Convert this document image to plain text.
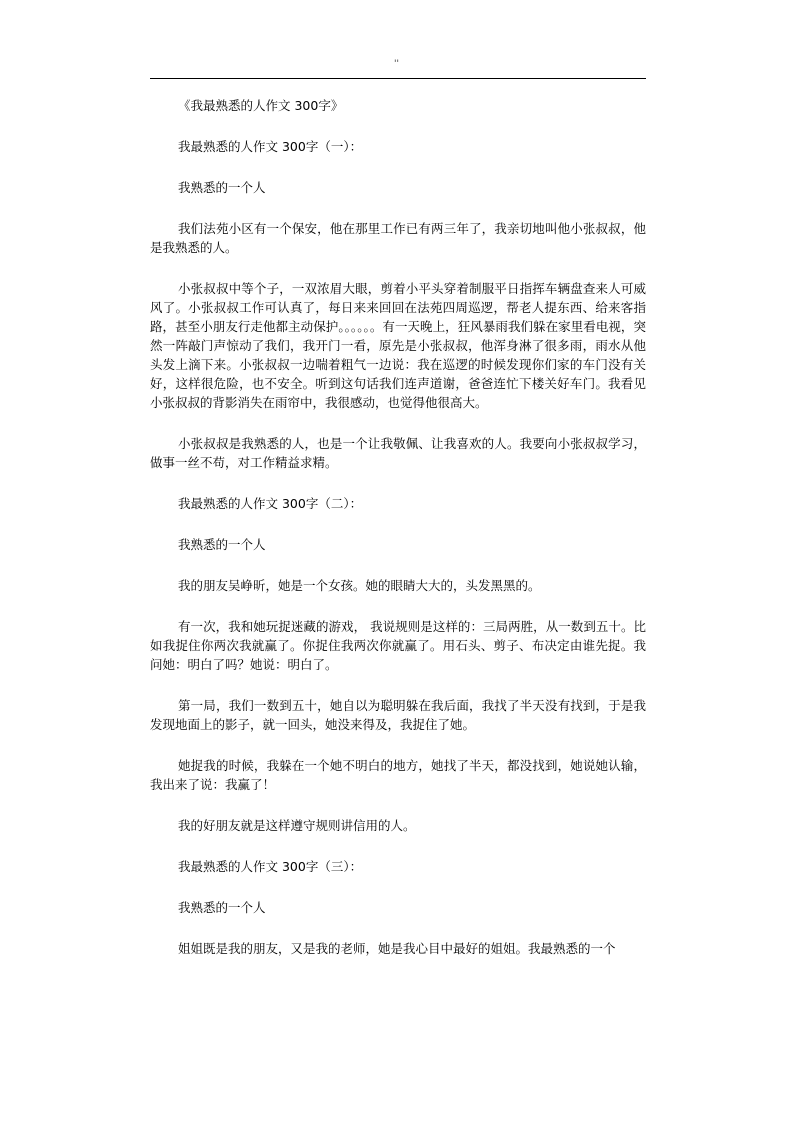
''

《我最熟悉的人作文 300字》

我最熟悉的人作文 300字（一）：

我熟悉的一个人

我们法苑小区有一个保安，他在那里工作已有两三年了，我亲切地叫他小张叔叔，他是我熟悉的人。

小张叔叔中等个子，一双浓眉大眼，剪着小平头穿着制服平日指挥车辆盘查来人可威风了。小张叔叔工作可认真了，每日来来回回在法苑四周巡逻，帮老人提东西、给来客指路，甚至小朋友行走他都主动保护。。。。。。有一天晚上，狂风暴雨我们躲在家里看电视，突然一阵敲门声惊动了我们，我开门一看，原先是小张叔叔，他浑身淋了很多雨，雨水从他头发上滴下来。小张叔叔一边喘着粗气一边说：我在巡逻的时候发现你们家的车门没有关好，这样很危险，也不安全。听到这句话我们连声道谢，爸爸连忙下楼关好车门。我看见小张叔叔的背影消失在雨帘中，我很感动，也觉得他很高大。

小张叔叔是我熟悉的人，也是一个让我敬佩、让我喜欢的人。我要向小张叔叔学习，做事一丝不苟，对工作精益求精。

我最熟悉的人作文 300字（二）：

我熟悉的一个人

我的朋友吴峥昕，她是一个女孩。她的眼睛大大的，头发黑黑的。

有一次，我和她玩捉迷藏的游戏， 我说规则是这样的：三局两胜，从一数到五十。比如我捉住你两次我就赢了。你捉住我两次你就赢了。用石头、剪子、布决定由谁先捉。我问她：明白了吗？她说：明白了。

第一局，我们一数到五十，她自以为聪明躲在我后面，我找了半天没有找到，于是我发现地面上的影子，就一回头，她没来得及，我捉住了她。

她捉我的时候，我躲在一个她不明白的地方，她找了半天，都没找到，她说她认输，我出来了说：我赢了！

我的好朋友就是这样遵守规则讲信用的人。

我最熟悉的人作文 300字（三）：

我熟悉的一个人

姐姐既是我的朋友，又是我的老师，她是我心目中最好的姐姐。我最熟悉的一个
